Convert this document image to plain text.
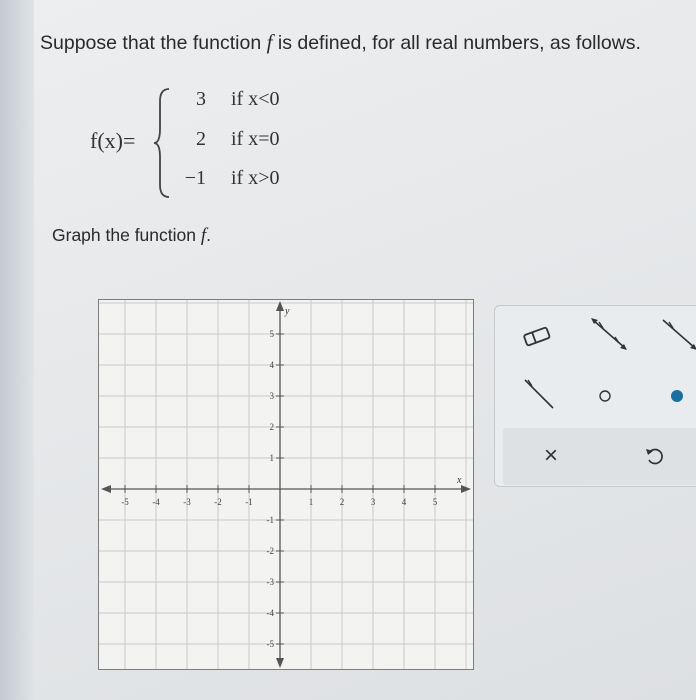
Suppose that the function f is defined, for all real numbers, as follows.
f(x)=
3 if x<0
2 if x=0
−1 if x>0
Graph the function f.
-5	-4	-3	-2	-1	1	2	3	4	5
5
4
3
2
1
-1
-2
-3
-4
-5
x
y
×
